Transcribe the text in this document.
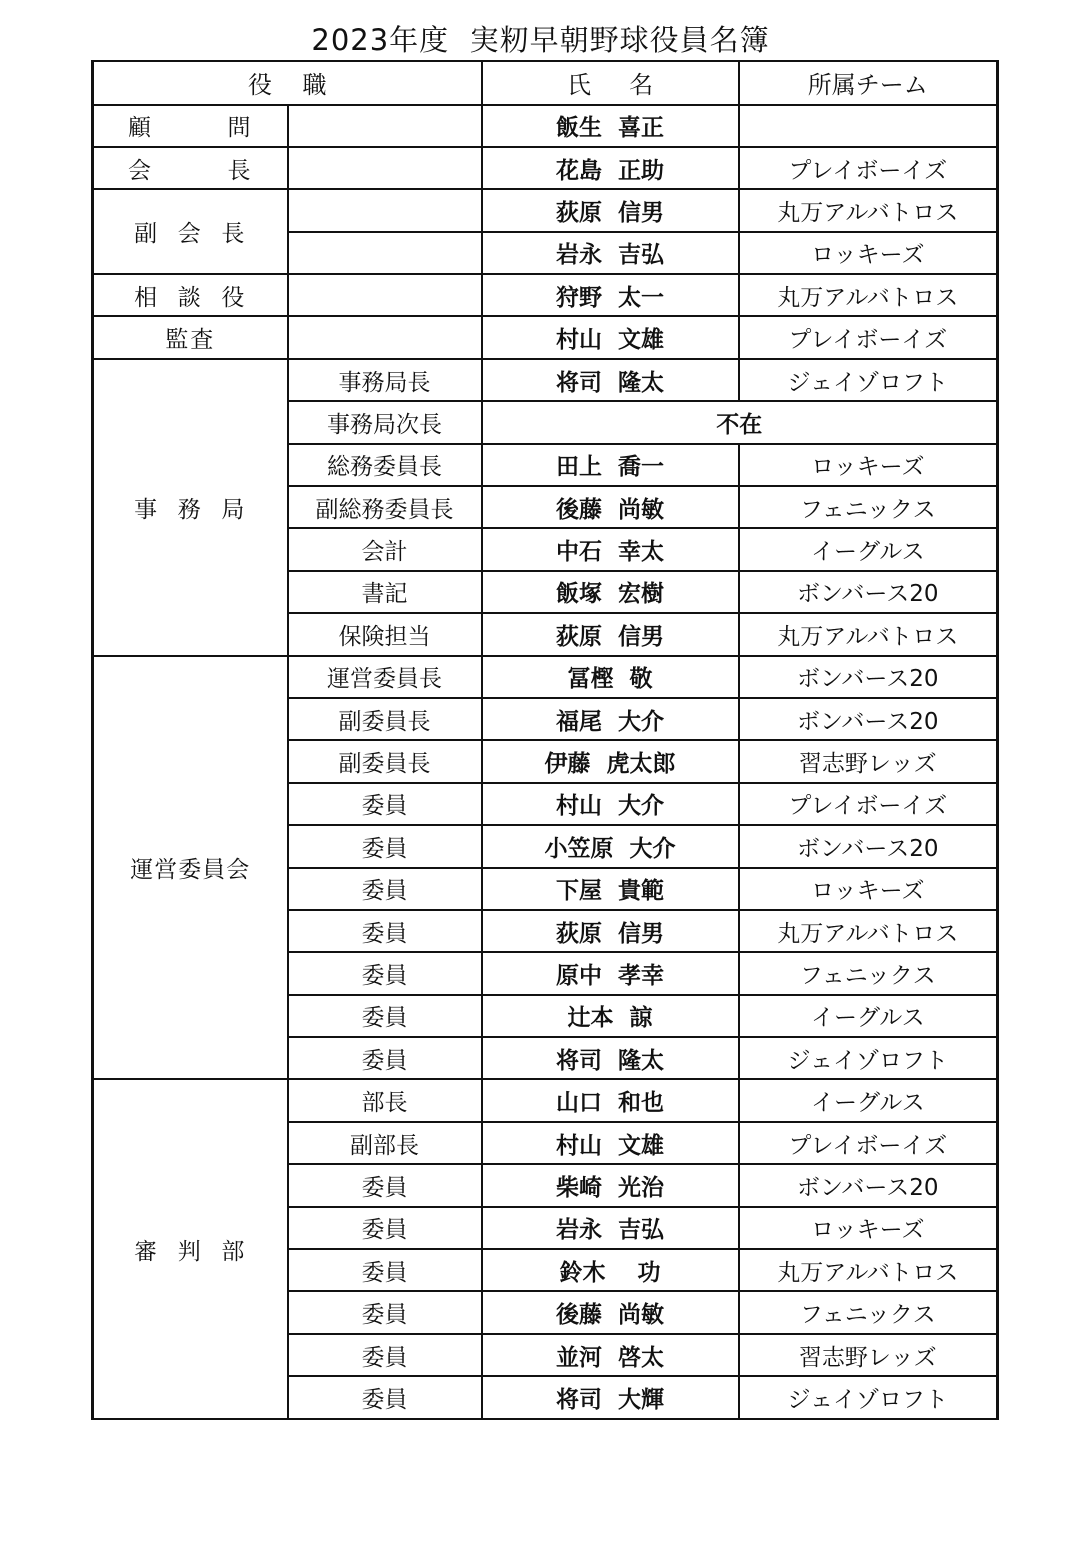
2023年度  実籾早朝野球役員名簿
役    職		氏     名	所属チーム
顧        問		飯生  喜正	
会        長		花島  正助	プレイボーイズ
副  会  長		荻原  信男	丸万アルバトロス
		岩永  吉弘	ロッキーズ
相  談  役		狩野  太一	丸万アルバトロス
監査		村山  文雄	プレイボーイズ
事  務  局	事務局長	将司  隆太	ジェイゾロフト
	事務局次長	不在	
	総務委員長	田上  喬一	ロッキーズ
	副総務委員長	後藤  尚敏	フェニックス
	会計	中石  幸太	イーグルス
	書記	飯塚  宏樹	ボンバース20
	保険担当	荻原  信男	丸万アルバトロス
運営委員会	運営委員長	冨樫  敬	ボンバース20
	副委員長	福尾  大介	ボンバース20
	副委員長	伊藤  虎太郎	習志野レッズ
	委員	村山  大介	プレイボーイズ
	委員	小笠原  大介	ボンバース20
	委員	下屋  貴範	ロッキーズ
	委員	荻原  信男	丸万アルバトロス
	委員	原中  孝幸	フェニックス
	委員	辻本  諒	イーグルス
	委員	将司  隆太	ジェイゾロフト
審  判  部	部長	山口  和也	イーグルス
	副部長	村山  文雄	プレイボーイズ
	委員	柴崎  光治	ボンバース20
	委員	岩永  吉弘	ロッキーズ
	委員	鈴木    功	丸万アルバトロス
	委員	後藤  尚敏	フェニックス
	委員	並河  啓太	習志野レッズ
	委員	将司  大輝	ジェイゾロフト
